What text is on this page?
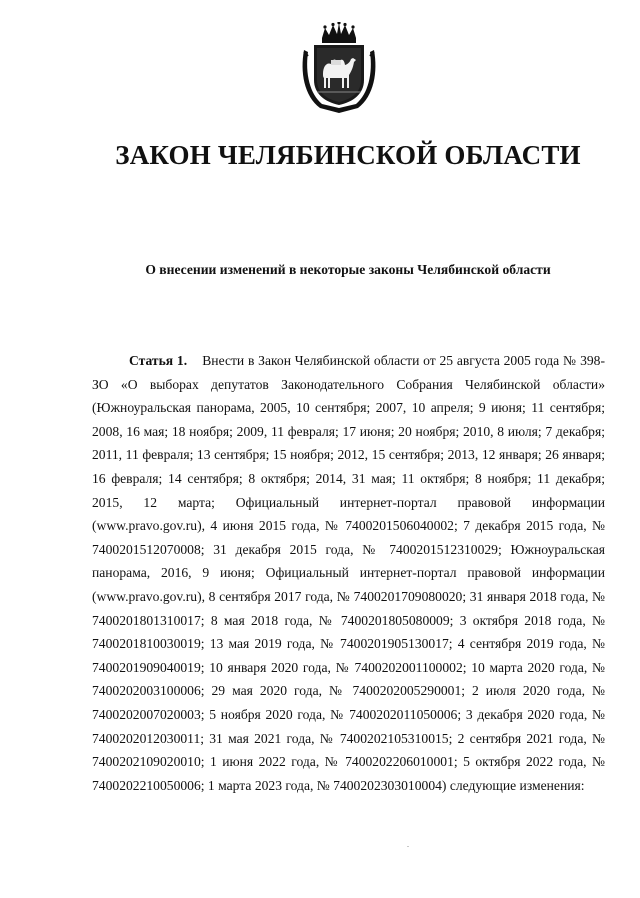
ЗАКОН ЧЕЛЯБИНСКОЙ ОБЛАСТИ
О внесении изменений в некоторые законы Челябинской области

Статья 1. Внести в Закон Челябинской области от 25 августа 2005 года № 398-ЗО «О выборах депутатов Законодательного Собрания Челябинской области» (Южноуральская панорама, 2005, 10 сентября; 2007, 10 апреля; 9 июня; 11 сентября; 2008, 16 мая; 18 ноября; 2009, 11 февраля; 17 июня; 20 ноября; 2010, 8 июля; 7 декабря; 2011, 11 февраля; 13 сентября; 15 ноября; 2012, 15 сентября; 2013, 12 января; 26 января; 16 февраля; 14 сентября; 8 октября; 2014, 31 мая; 11 октября; 8 ноября; 11 декабря; 2015, 12 марта; Официальный интернет-портал правовой информации (www.pravo.gov.ru), 4 июня 2015 года, № 7400201506040002; 7 декабря 2015 года, № 7400201512070008; 31 декабря 2015 года, № 7400201512310029; Южноуральская панорама, 2016, 9 июня; Официальный интернет-портал правовой информации (www.pravo.gov.ru), 8 сентября 2017 года, № 7400201709080020; 31 января 2018 года, № 7400201801310017; 8 мая 2018 года, № 7400201805080009; 3 октября 2018 года, № 7400201810030019; 13 мая 2019 года, № 7400201905130017; 4 сентября 2019 года, № 7400201909040019; 10 января 2020 года, № 7400202001100002; 10 марта 2020 года, № 7400202003100006; 29 мая 2020 года, № 7400202005290001; 2 июля 2020 года, № 7400202007020003; 5 ноября 2020 года, № 7400202011050006; 3 декабря 2020 года, № 7400202012030011; 31 мая 2021 года, № 7400202105310015; 2 сентября 2021 года, № 7400202109020010; 1 июня 2022 года, № 7400202206010001; 5 октября 2022 года, № 7400202210050006; 1 марта 2023 года, № 7400202303010004) следующие изменения:
